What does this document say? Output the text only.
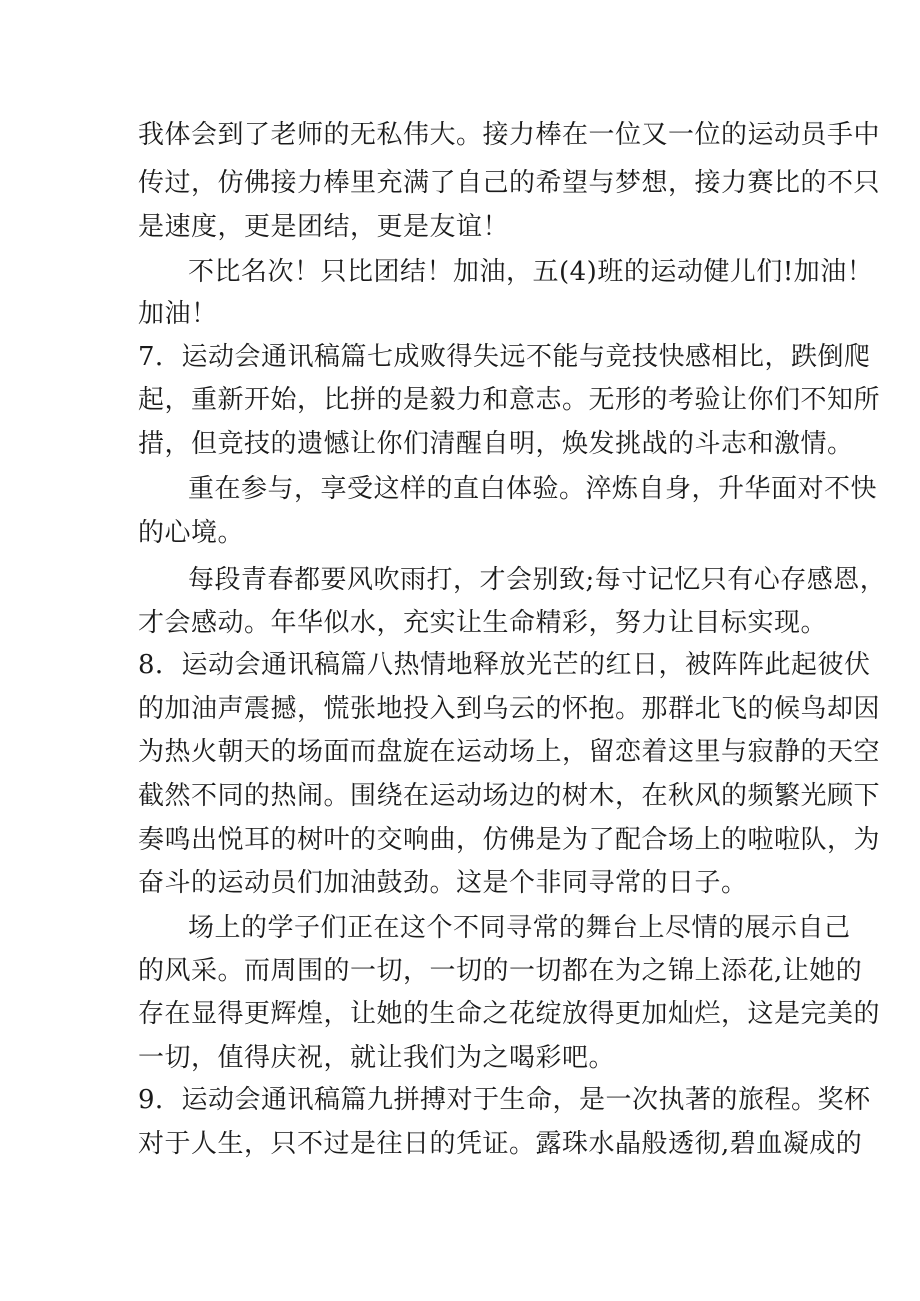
我体会到了老师的无私伟大。接力棒在一位又一位的运动员手中
传过，仿佛接力棒里充满了自己的希望与梦想，接力赛比的不只
是速度，更是团结，更是友谊！
不比名次！只比团结！加油，五(4)班的运动健儿们!加油！
加油！
7．运动会通讯稿篇七成败得失远不能与竞技快感相比，跌倒爬
起，重新开始，比拼的是毅力和意志。无形的考验让你们不知所
措，但竞技的遗憾让你们清醒自明，焕发挑战的斗志和激情。
重在参与，享受这样的直白体验。淬炼自身，升华面对不快
的心境。
每段青春都要风吹雨打，才会别致;每寸记忆只有心存感恩，
才会感动。年华似水，充实让生命精彩，努力让目标实现。
8．运动会通讯稿篇八热情地释放光芒的红日，被阵阵此起彼伏
的加油声震撼，慌张地投入到乌云的怀抱。那群北飞的候鸟却因
为热火朝天的场面而盘旋在运动场上，留恋着这里与寂静的天空
截然不同的热闹。围绕在运动场边的树木，在秋风的频繁光顾下
奏鸣出悦耳的树叶的交响曲，仿佛是为了配合场上的啦啦队，为
奋斗的运动员们加油鼓劲。这是个非同寻常的日子。
场上的学子们正在这个不同寻常的舞台上尽情的展示自己
的风采。而周围的一切，一切的一切都在为之锦上添花,让她的
存在显得更辉煌，让她的生命之花绽放得更加灿烂，这是完美的
一切，值得庆祝，就让我们为之喝彩吧。
9．运动会通讯稿篇九拼搏对于生命，是一次执著的旅程。奖杯
对于人生，只不过是往日的凭证。露珠水晶般透彻,碧血凝成的
